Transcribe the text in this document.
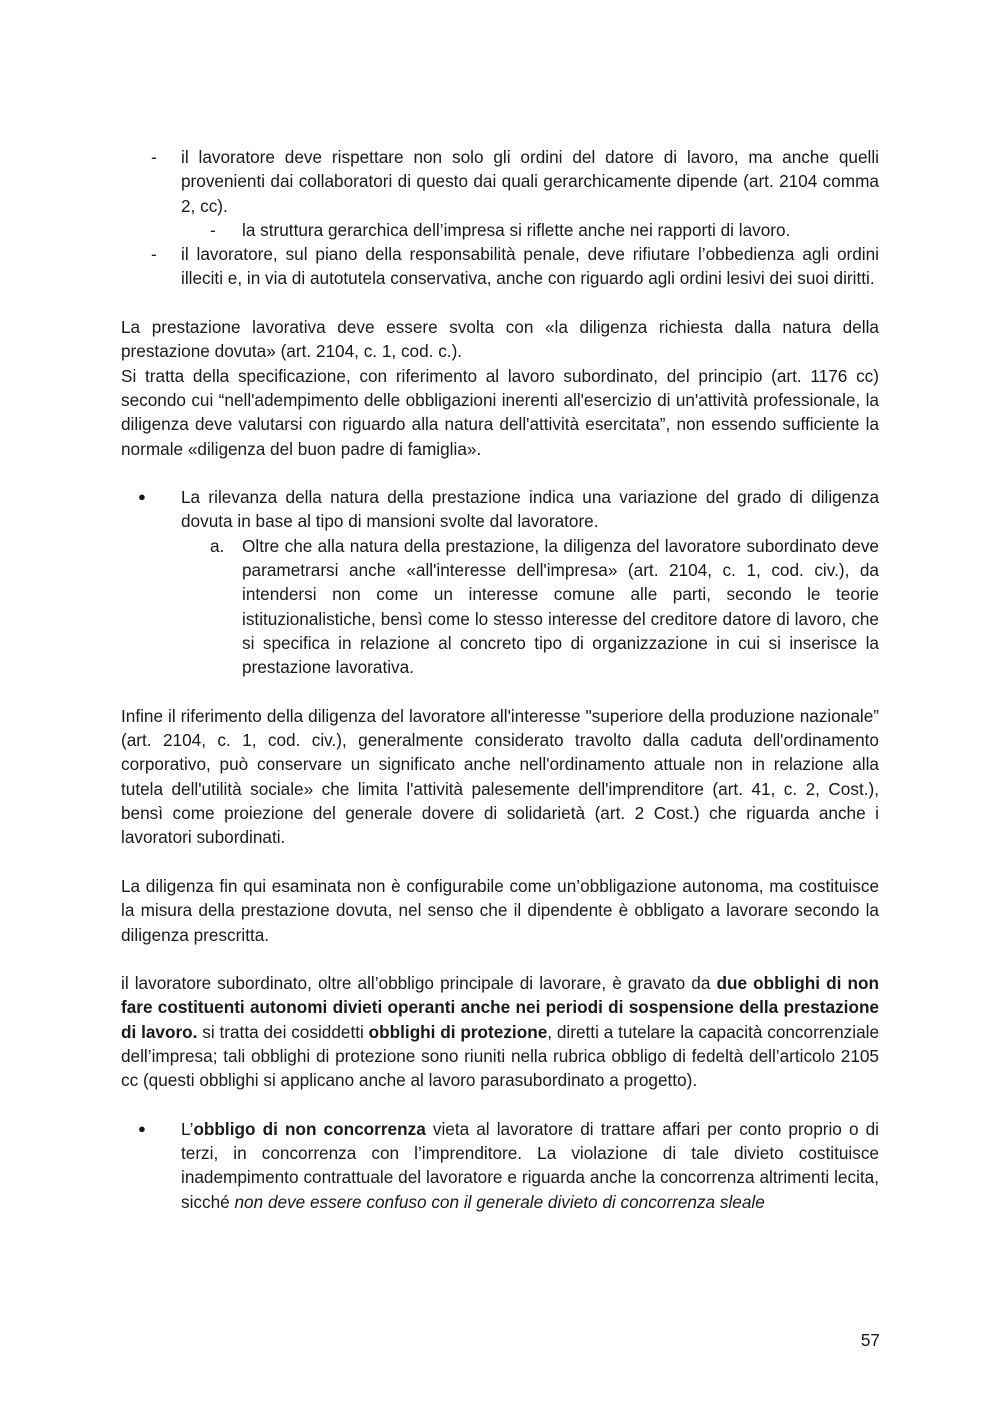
- il lavoratore deve rispettare non solo gli ordini del datore di lavoro, ma anche quelli provenienti dai collaboratori di questo dai quali gerarchicamente dipende (art. 2104 comma 2, cc).

- la struttura gerarchica dell’impresa si riflette anche nei rapporti di lavoro.

- il lavoratore, sul piano della responsabilità penale, deve rifiutare l’obbedienza agli ordini illeciti e, in via di autotutela conservativa, anche con riguardo agli ordini lesivi dei suoi diritti.

La prestazione lavorativa deve essere svolta con «la diligenza richiesta dalla natura della prestazione dovuta» (art. 2104, c. 1, cod. c.).

Si tratta della specificazione, con riferimento al lavoro subordinato, del principio (art. 1176 cc) secondo cui “nell'adempimento delle obbligazioni inerenti all'esercizio di un'attività professionale, la diligenza deve valutarsi con riguardo alla natura dell'attività esercitata”, non essendo sufficiente la normale «diligenza del buon padre di famiglia».

● La rilevanza della natura della prestazione indica una variazione del grado di diligenza dovuta in base al tipo di mansioni svolte dal lavoratore.

a. Oltre che alla natura della prestazione, la diligenza del lavoratore subordinato deve parametrarsi anche «all'interesse dell'impresa» (art. 2104, c. 1, cod. civ.), da intendersi non come un interesse comune alle parti, secondo le teorie istituzionalistiche, bensì come lo stesso interesse del creditore datore di lavoro, che si specifica in relazione al concreto tipo di organizzazione in cui si inserisce la prestazione lavorativa.

Infine il riferimento della diligenza del lavoratore all'interesse "superiore della produzione nazionale” (art. 2104, c. 1, cod. civ.), generalmente considerato travolto dalla caduta dell'ordinamento corporativo, può conservare un significato anche nell'ordinamento attuale non in relazione alla tutela dell'utilità sociale» che limita l'attività palesemente dell'imprenditore (art. 41, c. 2, Cost.), bensì come proiezione del generale dovere di solidarietà (art. 2 Cost.) che riguarda anche i lavoratori subordinati.

La diligenza fin qui esaminata non è configurabile come un’obbligazione autonoma, ma costituisce la misura della prestazione dovuta, nel senso che il dipendente è obbligato a lavorare secondo la diligenza prescritta.

il lavoratore subordinato, oltre all’obbligo principale di lavorare, è gravato da due obblighi di non fare costituenti autonomi divieti operanti anche nei periodi di sospensione della prestazione di lavoro. si tratta dei cosiddetti obblighi di protezione, diretti a tutelare la capacità concorrenziale dell’impresa; tali obblighi di protezione sono riuniti nella rubrica obbligo di fedeltà dell’articolo 2105 cc (questi obblighi si applicano anche al lavoro parasubordinato a progetto).

● L’obbligo di non concorrenza vieta al lavoratore di trattare affari per conto proprio o di terzi, in concorrenza con l’imprenditore. La violazione di tale divieto costituisce inadempimento contrattuale del lavoratore e riguarda anche la concorrenza altrimenti lecita, sicché non deve essere confuso con il generale divieto di concorrenza sleale

57
